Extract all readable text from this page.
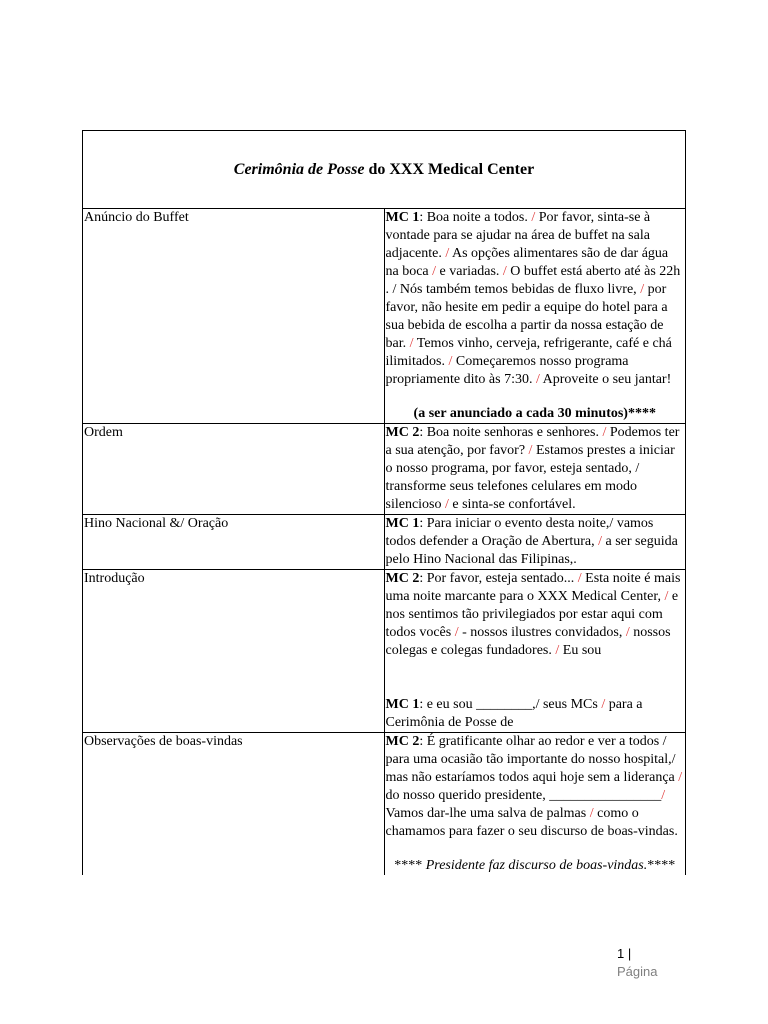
Cerimônia de Posse do XXX Medical Center	
Anúncio do Buffet	MC 1: Boa noite a todos. / Por favor, sinta-se à vontade para se ajudar na área de buffet na sala adjacente. / As opções alimentares são de dar água na boca / e variadas. / O buffet está aberto até às 22h . / Nós também temos bebidas de fluxo livre, / por favor, não hesite em pedir a equipe do hotel para a sua bebida de escolha a partir da nossa estação de bar. / Temos vinho, cerveja, refrigerante, café e chá ilimitados. / Começaremos nosso programa propriamente dito às 7:30. / Aproveite o seu jantar!
(a ser anunciado a cada 30 minutos)****

Ordem	MC 2: Boa noite senhoras e senhores. / Podemos ter a sua atenção, por favor? / Estamos prestes a iniciar o nosso programa, por favor, esteja sentado, / transforme seus telefones celulares em modo silencioso / e sinta-se confortável.
Hino Nacional &/ Oração	MC 1: Para iniciar o evento desta noite,/ vamos todos defender a Oração de Abertura, / a ser seguida pelo Hino Nacional das Filipinas,.
Introdução	MC 2: Por favor, esteja sentado... / Esta noite é mais uma noite marcante para o XXX Medical Center, / e nos sentimos tão privilegiados por estar aqui com todos vocês / - nossos ilustres convidados, / nossos colegas e colegas fundadores. / Eu sou
MC 1: e eu sou ________,/ seus MCs / para a Cerimônia de Posse de
Observações de boas-vindas	MC 2: É gratificante olhar ao redor e ver a todos / para uma ocasião tão importante do nosso hospital,/ mas não estaríamos todos aqui hoje sem a liderança / do nosso querido presidente, ________________/ Vamos dar-lhe uma salva de palmas / como o chamamos para fazer o seu discurso de boas-vindas.
**** Presidente faz discurso de boas-vindas.****
1 |
Página
